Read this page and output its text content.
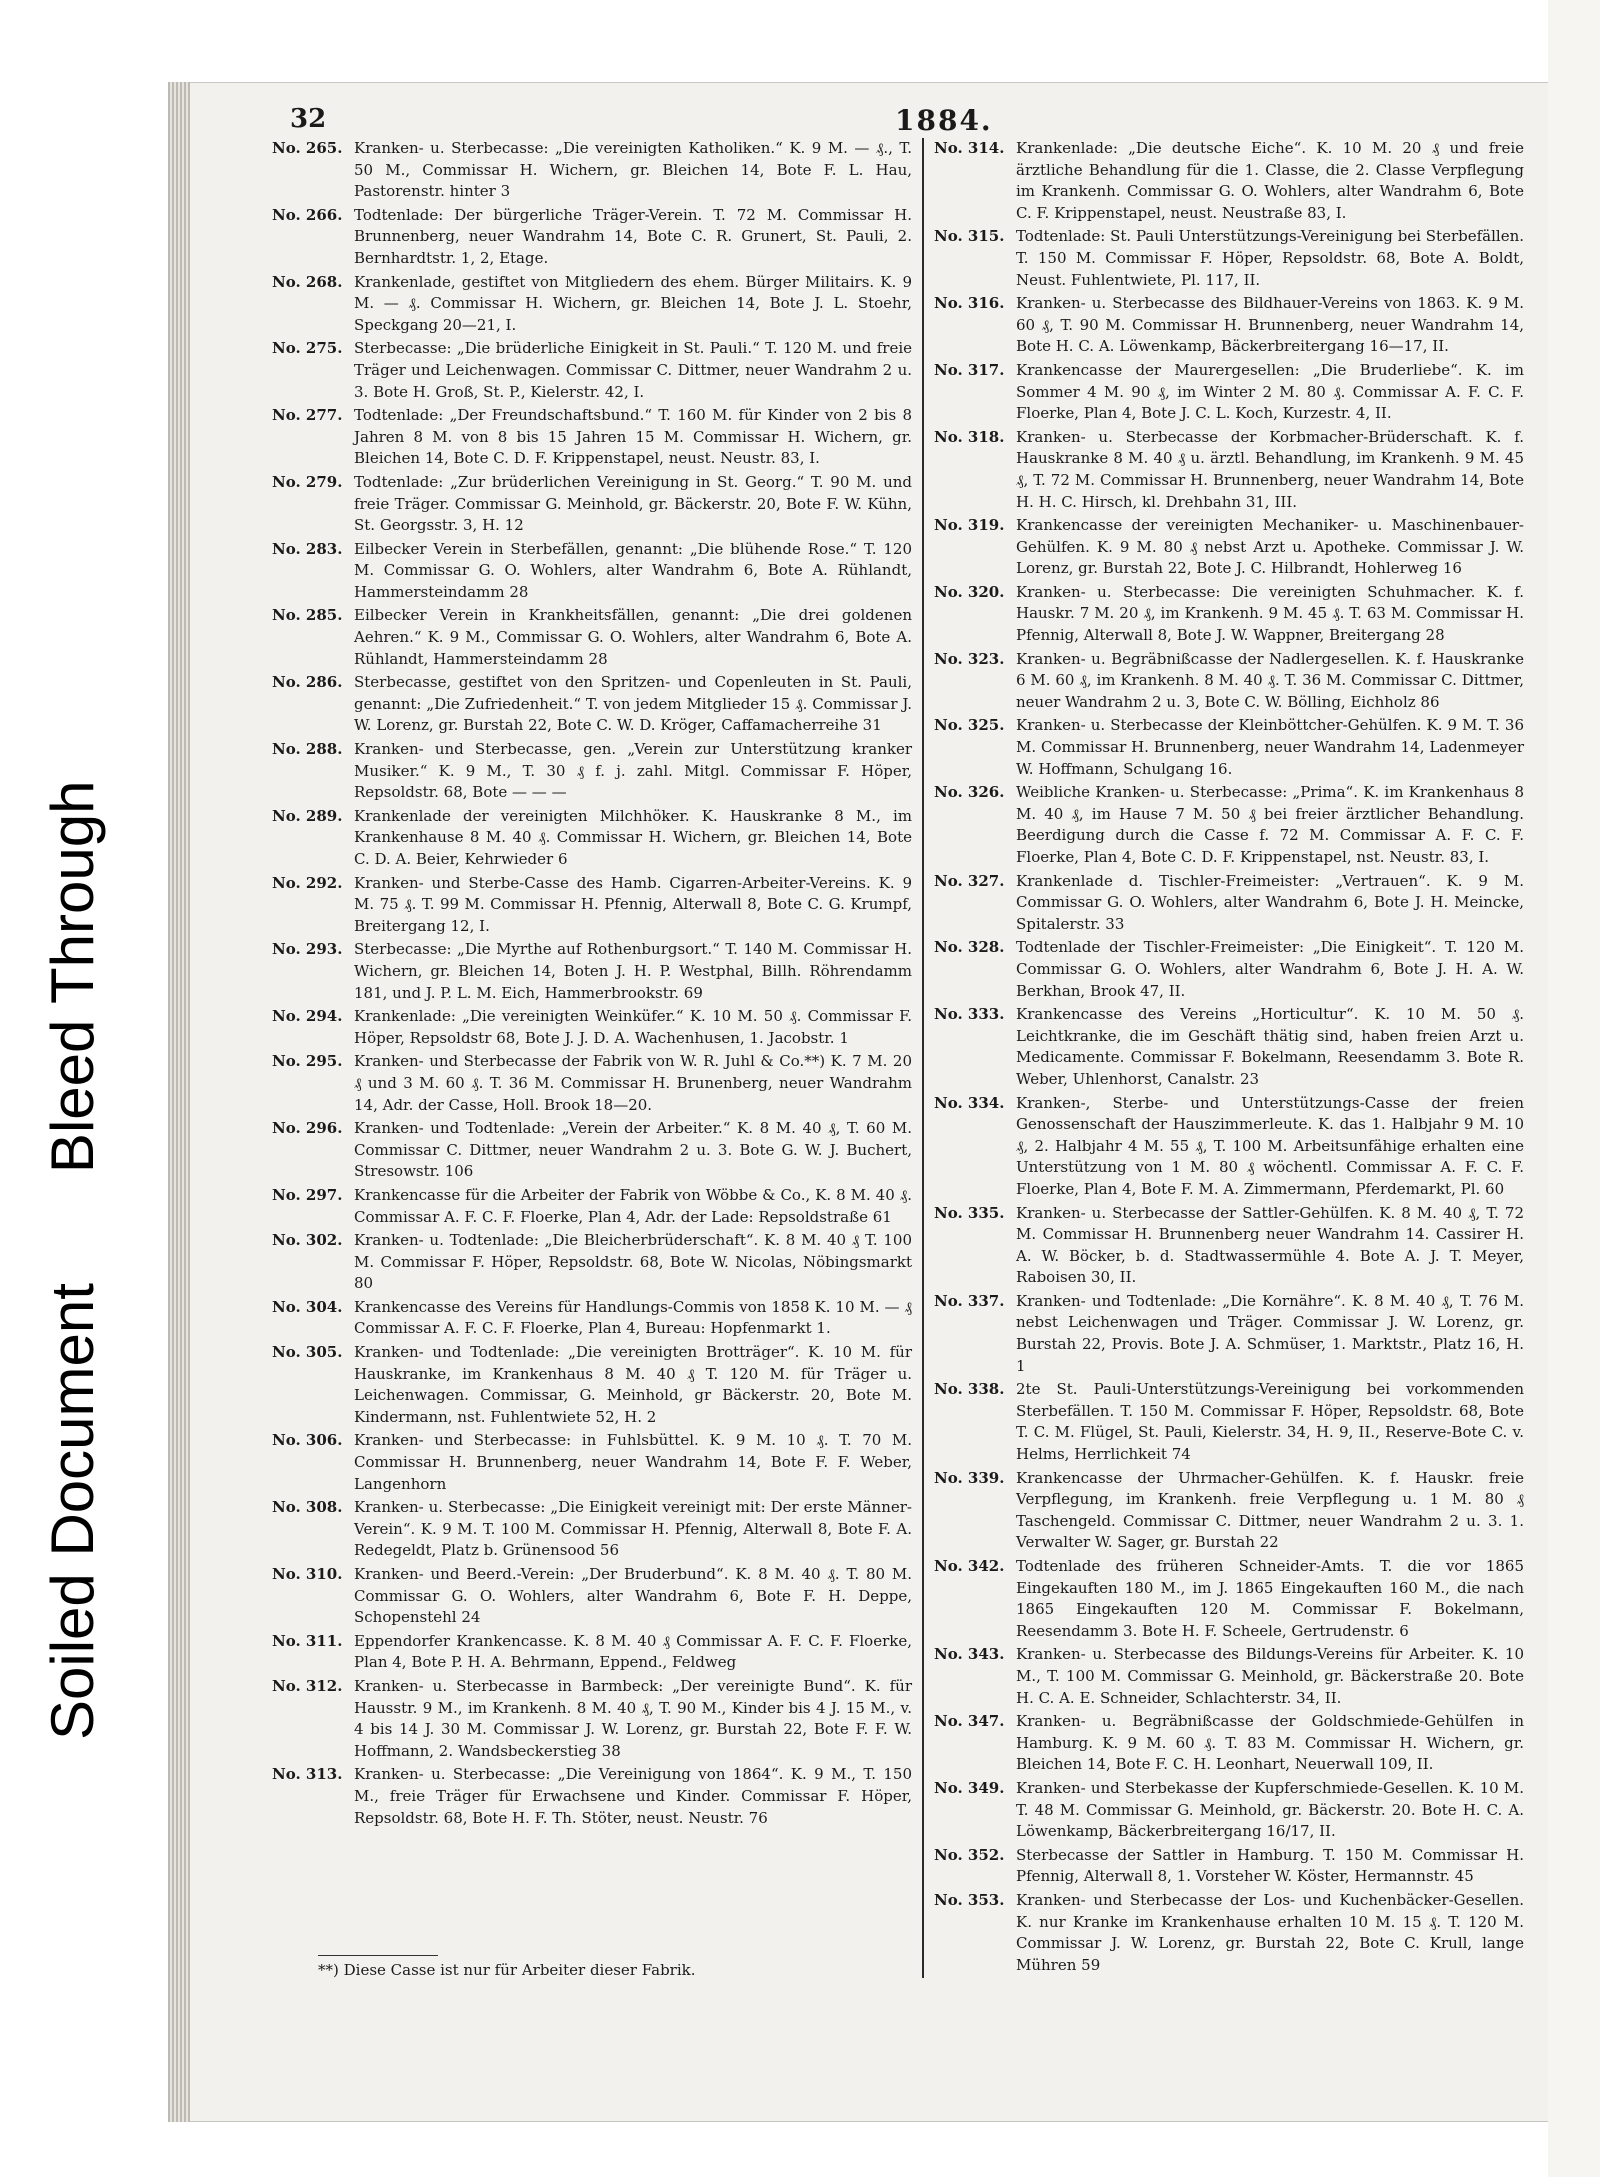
Soiled DocumentBleed Through
32	1884.
No. 265. Kranken- u. Sterbecasse: „Die vereinigten Katholiken.“ K. 9 M. — ₰., T. 50 M., Commissar H. Wichern, gr. Bleichen 14, Bote F. L. Hau, Pastorenstr. hinter 3
No. 266. Todtenlade: Der bürgerliche Träger-Verein. T. 72 M. Commissar H. Brunnenberg, neuer Wandrahm 14, Bote C. R. Grunert, St. Pauli, 2. Bernhardtstr. 1, 2, Etage.
No. 268. Krankenlade, gestiftet von Mitgliedern des ehem. Bürger Militairs. K. 9 M. — ₰. Commissar H. Wichern, gr. Bleichen 14, Bote J. L. Stoehr, Speckgang 20—21, I.
No. 275. Sterbecasse: „Die brüderliche Einigkeit in St. Pauli.“ T. 120 M. und freie Träger und Leichenwagen. Commissar C. Dittmer, neuer Wandrahm 2 u. 3. Bote H. Groß, St. P., Kielerstr. 42, I.
No. 277. Todtenlade: „Der Freundschaftsbund.“ T. 160 M. für Kinder von 2 bis 8 Jahren 8 M. von 8 bis 15 Jahren 15 M. Commissar H. Wichern, gr. Bleichen 14, Bote C. D. F. Krippenstapel, neust. Neustr. 83, I.
No. 279. Todtenlade: „Zur brüderlichen Vereinigung in St. Georg.“ T. 90 M. und freie Träger. Commissar G. Meinhold, gr. Bäckerstr. 20, Bote F. W. Kühn, St. Georgsstr. 3, H. 12
No. 283. Eilbecker Verein in Sterbefällen, genannt: „Die blühende Rose.“ T. 120 M. Commissar G. O. Wohlers, alter Wandrahm 6, Bote A. Rühlandt, Hammersteindamm 28
No. 285. Eilbecker Verein in Krankheitsfällen, genannt: „Die drei goldenen Aehren.“ K. 9 M., Commissar G. O. Wohlers, alter Wandrahm 6, Bote A. Rühlandt, Hammersteindamm 28
No. 286. Sterbecasse, gestiftet von den Spritzen- und Copenleuten in St. Pauli, genannt: „Die Zufriedenheit.“ T. von jedem Mitglieder 15 ₰. Commissar J. W. Lorenz, gr. Burstah 22, Bote C. W. D. Kröger, Caffamacherreihe 31
No. 288. Kranken- und Sterbecasse, gen. „Verein zur Unterstützung kranker Musiker.“ K. 9 M., T. 30 ₰ f. j. zahl. Mitgl. Commissar F. Höper, Repsoldstr. 68, Bote — — —
No. 289. Krankenlade der vereinigten Milchhöker. K. Hauskranke 8 M., im Krankenhause 8 M. 40 ₰. Commissar H. Wichern, gr. Bleichen 14, Bote C. D. A. Beier, Kehrwieder 6
No. 292. Kranken- und Sterbe-Casse des Hamb. Cigarren-Arbeiter-Vereins. K. 9 M. 75 ₰. T. 99 M. Commissar H. Pfennig, Alterwall 8, Bote C. G. Krumpf, Breitergang 12, I.
No. 293. Sterbecasse: „Die Myrthe auf Rothenburgsort.“ T. 140 M. Commissar H. Wichern, gr. Bleichen 14, Boten J. H. P. Westphal, Billh. Röhrendamm 181, und J. P. L. M. Eich, Hammerbrookstr. 69
No. 294. Krankenlade: „Die vereinigten Weinküfer.“ K. 10 M. 50 ₰. Commissar F. Höper, Repsoldstr 68, Bote J. J. D. A. Wachenhusen, 1. Jacobstr. 1
No. 295. Kranken- und Sterbecasse der Fabrik von W. R. Juhl & Co.**) K. 7 M. 20 ₰ und 3 M. 60 ₰. T. 36 M. Commissar H. Brunenberg, neuer Wandrahm 14, Adr. der Casse, Holl. Brook 18—20.
No. 296. Kranken- und Todtenlade: „Verein der Arbeiter.“ K. 8 M. 40 ₰, T. 60 M. Commissar C. Dittmer, neuer Wandrahm 2 u. 3. Bote G. W. J. Buchert, Stresowstr. 106
No. 297. Krankencasse für die Arbeiter der Fabrik von Wöbbe & Co., K. 8 M. 40 ₰. Commissar A. F. C. F. Floerke, Plan 4, Adr. der Lade: Repsoldstraße 61
No. 302. Kranken- u. Todtenlade: „Die Bleicherbrüderschaft“. K. 8 M. 40 ₰ T. 100 M. Commissar F. Höper, Repsoldstr. 68, Bote W. Nicolas, Nöbingsmarkt 80
No. 304. Krankencasse des Vereins für Handlungs-Commis von 1858 K. 10 M. — ₰ Commissar A. F. C. F. Floerke, Plan 4, Bureau: Hopfenmarkt 1.
No. 305. Kranken- und Todtenlade: „Die vereinigten Brotträger“. K. 10 M. für Hauskranke, im Krankenhaus 8 M. 40 ₰ T. 120 M. für Träger u. Leichenwagen. Commissar, G. Meinhold, gr Bäckerstr. 20, Bote M. Kindermann, nst. Fuhlentwiete 52, H. 2
No. 306. Kranken- und Sterbecasse: in Fuhlsbüttel. K. 9 M. 10 ₰. T. 70 M. Commissar H. Brunnenberg, neuer Wandrahm 14, Bote F. F. Weber, Langenhorn
No. 308. Kranken- u. Sterbecasse: „Die Einigkeit vereinigt mit: Der erste Männer-Verein“. K. 9 M. T. 100 M. Commissar H. Pfennig, Alterwall 8, Bote F. A. Redegeldt, Platz b. Grünensood 56
No. 310. Kranken- und Beerd.-Verein: „Der Bruderbund“. K. 8 M. 40 ₰. T. 80 M. Commissar G. O. Wohlers, alter Wandrahm 6, Bote F. H. Deppe, Schopenstehl 24
No. 311. Eppendorfer Krankencasse. K. 8 M. 40 ₰ Commissar A. F. C. F. Floerke, Plan 4, Bote P. H. A. Behrmann, Eppend., Feldweg
No. 312. Kranken- u. Sterbecasse in Barmbeck: „Der vereinigte Bund“. K. für Hausstr. 9 M., im Krankenh. 8 M. 40 ₰, T. 90 M., Kinder bis 4 J. 15 M., v. 4 bis 14 J. 30 M. Commissar J. W. Lorenz, gr. Burstah 22, Bote F. F. W. Hoffmann, 2. Wandsbeckerstieg 38
No. 313. Kranken- u. Sterbecasse: „Die Vereinigung von 1864“. K. 9 M., T. 150 M., freie Träger für Erwachsene und Kinder. Commissar F. Höper, Repsoldstr. 68, Bote H. F. Th. Stöter, neust. Neustr. 76
No. 314. Krankenlade: „Die deutsche Eiche“. K. 10 M. 20 ₰ und freie ärztliche Behandlung für die 1. Classe, die 2. Classe Verpflegung im Krankenh. Commissar G. O. Wohlers, alter Wandrahm 6, Bote C. F. Krippenstapel, neust. Neustraße 83, I.
No. 315. Todtenlade: St. Pauli Unterstützungs-Vereinigung bei Sterbefällen. T. 150 M. Commissar F. Höper, Repsoldstr. 68, Bote A. Boldt, Neust. Fuhlentwiete, Pl. 117, II.
No. 316. Kranken- u. Sterbecasse des Bildhauer-Vereins von 1863. K. 9 M. 60 ₰, T. 90 M. Commissar H. Brunnenberg, neuer Wandrahm 14, Bote H. C. A. Löwenkamp, Bäckerbreitergang 16—17, II.
No. 317. Krankencasse der Maurergesellen: „Die Bruderliebe“. K. im Sommer 4 M. 90 ₰, im Winter 2 M. 80 ₰. Commissar A. F. C. F. Floerke, Plan 4, Bote J. C. L. Koch, Kurzestr. 4, II.
No. 318. Kranken- u. Sterbecasse der Korbmacher-Brüderschaft. K. f. Hauskranke 8 M. 40 ₰ u. ärztl. Behandlung, im Krankenh. 9 M. 45 ₰, T. 72 M. Commissar H. Brunnenberg, neuer Wandrahm 14, Bote H. H. C. Hirsch, kl. Drehbahn 31, III.
No. 319. Krankencasse der vereinigten Mechaniker- u. Maschinenbauer-Gehülfen. K. 9 M. 80 ₰ nebst Arzt u. Apotheke. Commissar J. W. Lorenz, gr. Burstah 22, Bote J. C. Hilbrandt, Hohlerweg 16
No. 320. Kranken- u. Sterbecasse: Die vereinigten Schuhmacher. K. f. Hauskr. 7 M. 20 ₰, im Krankenh. 9 M. 45 ₰. T. 63 M. Commissar H. Pfennig, Alterwall 8, Bote J. W. Wappner, Breitergang 28
No. 323. Kranken- u. Begräbnißcasse der Nadlergesellen. K. f. Hauskranke 6 M. 60 ₰, im Krankenh. 8 M. 40 ₰. T. 36 M. Commissar C. Dittmer, neuer Wandrahm 2 u. 3, Bote C. W. Bölling, Eichholz 86
No. 325. Kranken- u. Sterbecasse der Kleinböttcher-Gehülfen. K. 9 M. T. 36 M. Commissar H. Brunnenberg, neuer Wandrahm 14, Ladenmeyer W. Hoffmann, Schulgang 16.
No. 326. Weibliche Kranken- u. Sterbecasse: „Prima“. K. im Krankenhaus 8 M. 40 ₰, im Hause 7 M. 50 ₰ bei freier ärztlicher Behandlung. Beerdigung durch die Casse f. 72 M. Commissar A. F. C. F. Floerke, Plan 4, Bote C. D. F. Krippenstapel, nst. Neustr. 83, I.
No. 327. Krankenlade d. Tischler-Freimeister: „Vertrauen“. K. 9 M. Commissar G. O. Wohlers, alter Wandrahm 6, Bote J. H. Meincke, Spitalerstr. 33
No. 328. Todtenlade der Tischler-Freimeister: „Die Einigkeit“. T. 120 M. Commissar G. O. Wohlers, alter Wandrahm 6, Bote J. H. A. W. Berkhan, Brook 47, II.
No. 333. Krankencasse des Vereins „Horticultur“. K. 10 M. 50 ₰. Leichtkranke, die im Geschäft thätig sind, haben freien Arzt u. Medicamente. Commissar F. Bokelmann, Reesendamm 3. Bote R. Weber, Uhlenhorst, Canalstr. 23
No. 334. Kranken-, Sterbe- und Unterstützungs-Casse der freien Genossenschaft der Hauszimmerleute. K. das 1. Halbjahr 9 M. 10 ₰, 2. Halbjahr 4 M. 55 ₰, T. 100 M. Arbeitsunfähige erhalten eine Unterstützung von 1 M. 80 ₰ wöchentl. Commissar A. F. C. F. Floerke, Plan 4, Bote F. M. A. Zimmermann, Pferdemarkt, Pl. 60
No. 335. Kranken- u. Sterbecasse der Sattler-Gehülfen. K. 8 M. 40 ₰, T. 72 M. Commissar H. Brunnenberg neuer Wandrahm 14. Cassirer H. A. W. Böcker, b. d. Stadtwassermühle 4. Bote A. J. T. Meyer, Raboisen 30, II.
No. 337. Kranken- und Todtenlade: „Die Kornähre“. K. 8 M. 40 ₰, T. 76 M. nebst Leichenwagen und Träger. Commissar J. W. Lorenz, gr. Burstah 22, Provis. Bote J. A. Schmüser, 1. Marktstr., Platz 16, H. 1
No. 338. 2te St. Pauli-Unterstützungs-Vereinigung bei vorkommenden Sterbefällen. T. 150 M. Commissar F. Höper, Repsoldstr. 68, Bote T. C. M. Flügel, St. Pauli, Kielerstr. 34, H. 9, II., Reserve-Bote C. v. Helms, Herrlichkeit 74
No. 339. Krankencasse der Uhrmacher-Gehülfen. K. f. Hauskr. freie Verpflegung, im Krankenh. freie Verpflegung u. 1 M. 80 ₰ Taschengeld. Commissar C. Dittmer, neuer Wandrahm 2 u. 3. 1. Verwalter W. Sager, gr. Burstah 22
No. 342. Todtenlade des früheren Schneider-Amts. T. die vor 1865 Eingekauften 180 M., im J. 1865 Eingekauften 160 M., die nach 1865 Eingekauften 120 M. Commissar F. Bokelmann, Reesendamm 3. Bote H. F. Scheele, Gertrudenstr. 6
No. 343. Kranken- u. Sterbecasse des Bildungs-Vereins für Arbeiter. K. 10 M., T. 100 M. Commissar G. Meinhold, gr. Bäckerstraße 20. Bote H. C. A. E. Schneider, Schlachterstr. 34, II.
No. 347. Kranken- u. Begräbnißcasse der Goldschmiede-Gehülfen in Hamburg. K. 9 M. 60 ₰. T. 83 M. Commissar H. Wichern, gr. Bleichen 14, Bote F. C. H. Leonhart, Neuerwall 109, II.
No. 349. Kranken- und Sterbekasse der Kupferschmiede-Gesellen. K. 10 M. T. 48 M. Commissar G. Meinhold, gr. Bäckerstr. 20. Bote H. C. A. Löwenkamp, Bäckerbreitergang 16/17, II.
No. 352. Sterbecasse der Sattler in Hamburg. T. 150 M. Commissar H. Pfennig, Alterwall 8, 1. Vorsteher W. Köster, Hermannstr. 45
No. 353. Kranken- und Sterbecasse der Los- und Kuchenbäcker-Gesellen. K. nur Kranke im Krankenhause erhalten 10 M. 15 ₰. T. 120 M. Commissar J. W. Lorenz, gr. Burstah 22, Bote C. Krull, lange Mühren 59
**) Diese Casse ist nur für Arbeiter dieser Fabrik.
